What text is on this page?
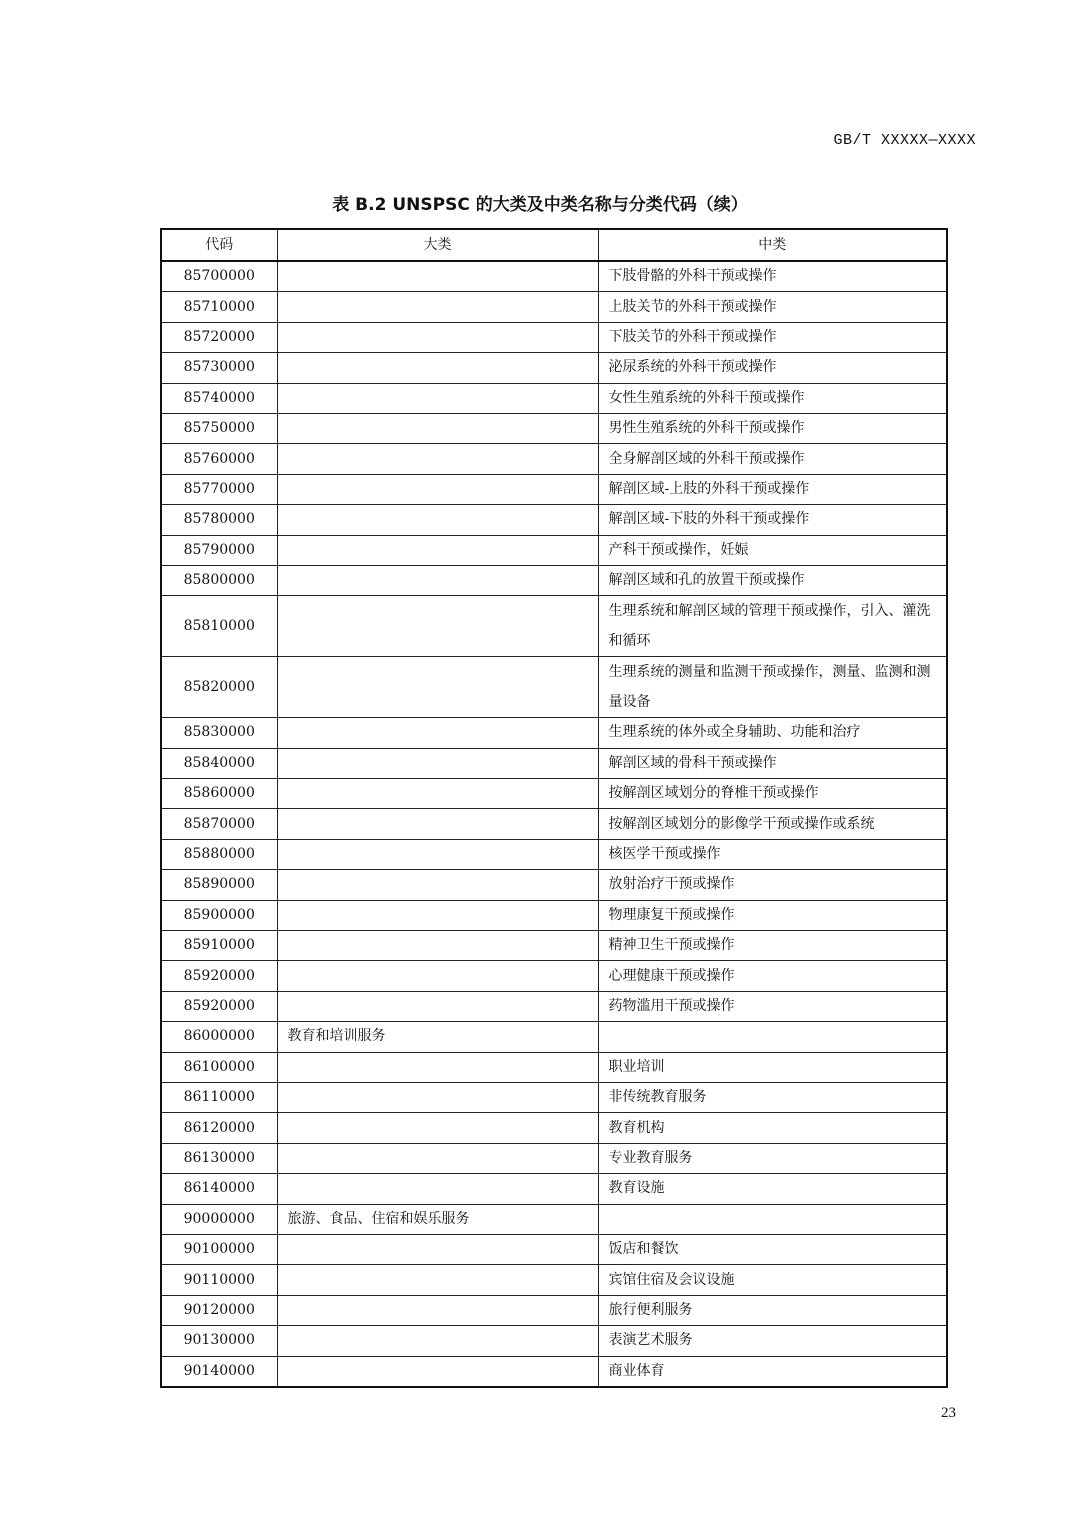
GB/T XXXXX—XXXX
表 B.2 UNSPSC 的大类及中类名称与分类代码（续）
代码	大类	中类
85700000		下肢骨骼的外科干预或操作
85710000		上肢关节的外科干预或操作
85720000		下肢关节的外科干预或操作
85730000		泌尿系统的外科干预或操作
85740000		女性生殖系统的外科干预或操作
85750000		男性生殖系统的外科干预或操作
85760000		全身解剖区域的外科干预或操作
85770000		解剖区域-上肢的外科干预或操作
85780000		解剖区域-下肢的外科干预或操作
85790000		产科干预或操作，妊娠
85800000		解剖区域和孔的放置干预或操作
85810000		生理系统和解剖区域的管理干预或操作，引入、灌洗和循环
85820000		生理系统的测量和监测干预或操作，测量、监测和测量设备
85830000		生理系统的体外或全身辅助、功能和治疗
85840000		解剖区域的骨科干预或操作
85860000		按解剖区域划分的脊椎干预或操作
85870000		按解剖区域划分的影像学干预或操作或系统
85880000		核医学干预或操作
85890000		放射治疗干预或操作
85900000		物理康复干预或操作
85910000		精神卫生干预或操作
85920000		心理健康干预或操作
85920000		药物滥用干预或操作
86000000	教育和培训服务	
86100000		职业培训
86110000		非传统教育服务
86120000		教育机构
86130000		专业教育服务
86140000		教育设施
90000000	旅游、食品、住宿和娱乐服务	
90100000		饭店和餐饮
90110000		宾馆住宿及会议设施
90120000		旅行便利服务
90130000		表演艺术服务
90140000		商业体育
23
